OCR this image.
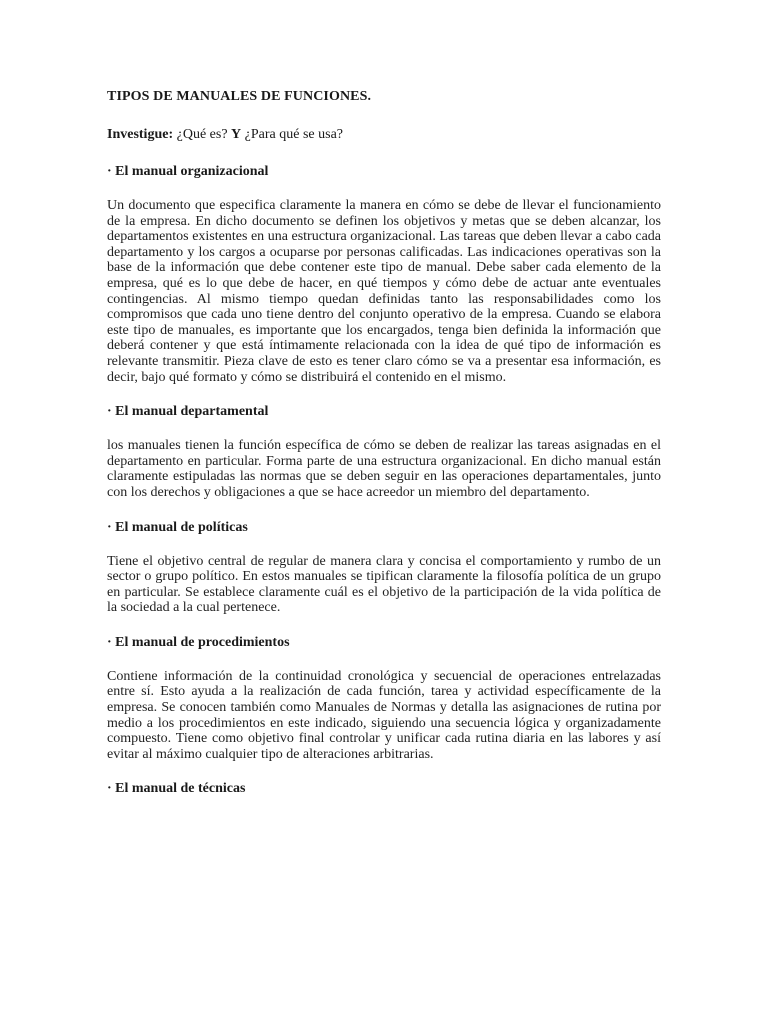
TIPOS DE MANUALES DE FUNCIONES.
Investigue: ¿Qué es? Y ¿Para qué se usa?
· El manual organizacional
Un documento que especifica claramente la manera en cómo se debe de llevar el funcionamiento de la empresa. En dicho documento se definen los objetivos y metas que se deben alcanzar, los departamentos existentes en una estructura organizacional. Las tareas que deben llevar a cabo cada departamento y los cargos a ocuparse por personas calificadas. Las indicaciones operativas son la base de la información que debe contener este tipo de manual. Debe saber cada elemento de la empresa, qué es lo que debe de hacer, en qué tiempos y cómo debe de actuar ante eventuales contingencias. Al mismo tiempo quedan definidas tanto las responsabilidades como los compromisos que cada uno tiene dentro del conjunto operativo de la empresa. Cuando se elabora este tipo de manuales, es importante que los encargados, tenga bien definida la información que deberá contener y que está íntimamente relacionada con la idea de qué tipo de información es relevante transmitir. Pieza clave de esto es tener claro cómo se va a presentar esa información, es decir, bajo qué formato y cómo se distribuirá el contenido en el mismo.
· El manual departamental
los manuales tienen la función específica de cómo se deben de realizar las tareas asignadas en el departamento en particular. Forma parte de una estructura organizacional. En dicho manual están claramente estipuladas las normas que se deben seguir en las operaciones departamentales, junto con los derechos y obligaciones a que se hace acreedor un miembro del departamento.
· El manual de políticas
Tiene el objetivo central de regular de manera clara y concisa el comportamiento y rumbo de un sector o grupo político. En estos manuales se tipifican claramente la filosofía política de un grupo en particular. Se establece claramente cuál es el objetivo de la participación de la vida política de la sociedad a la cual pertenece.
· El manual de procedimientos
Contiene información de la continuidad cronológica y secuencial de operaciones entrelazadas entre sí. Esto ayuda a la realización de cada función, tarea y actividad específicamente de la empresa. Se conocen también como Manuales de Normas y detalla las asignaciones de rutina por medio a los procedimientos en este indicado, siguiendo una secuencia lógica y organizadamente compuesto. Tiene como objetivo final controlar y unificar cada rutina diaria en las labores y así evitar al máximo cualquier tipo de alteraciones arbitrarias.
· El manual de técnicas
